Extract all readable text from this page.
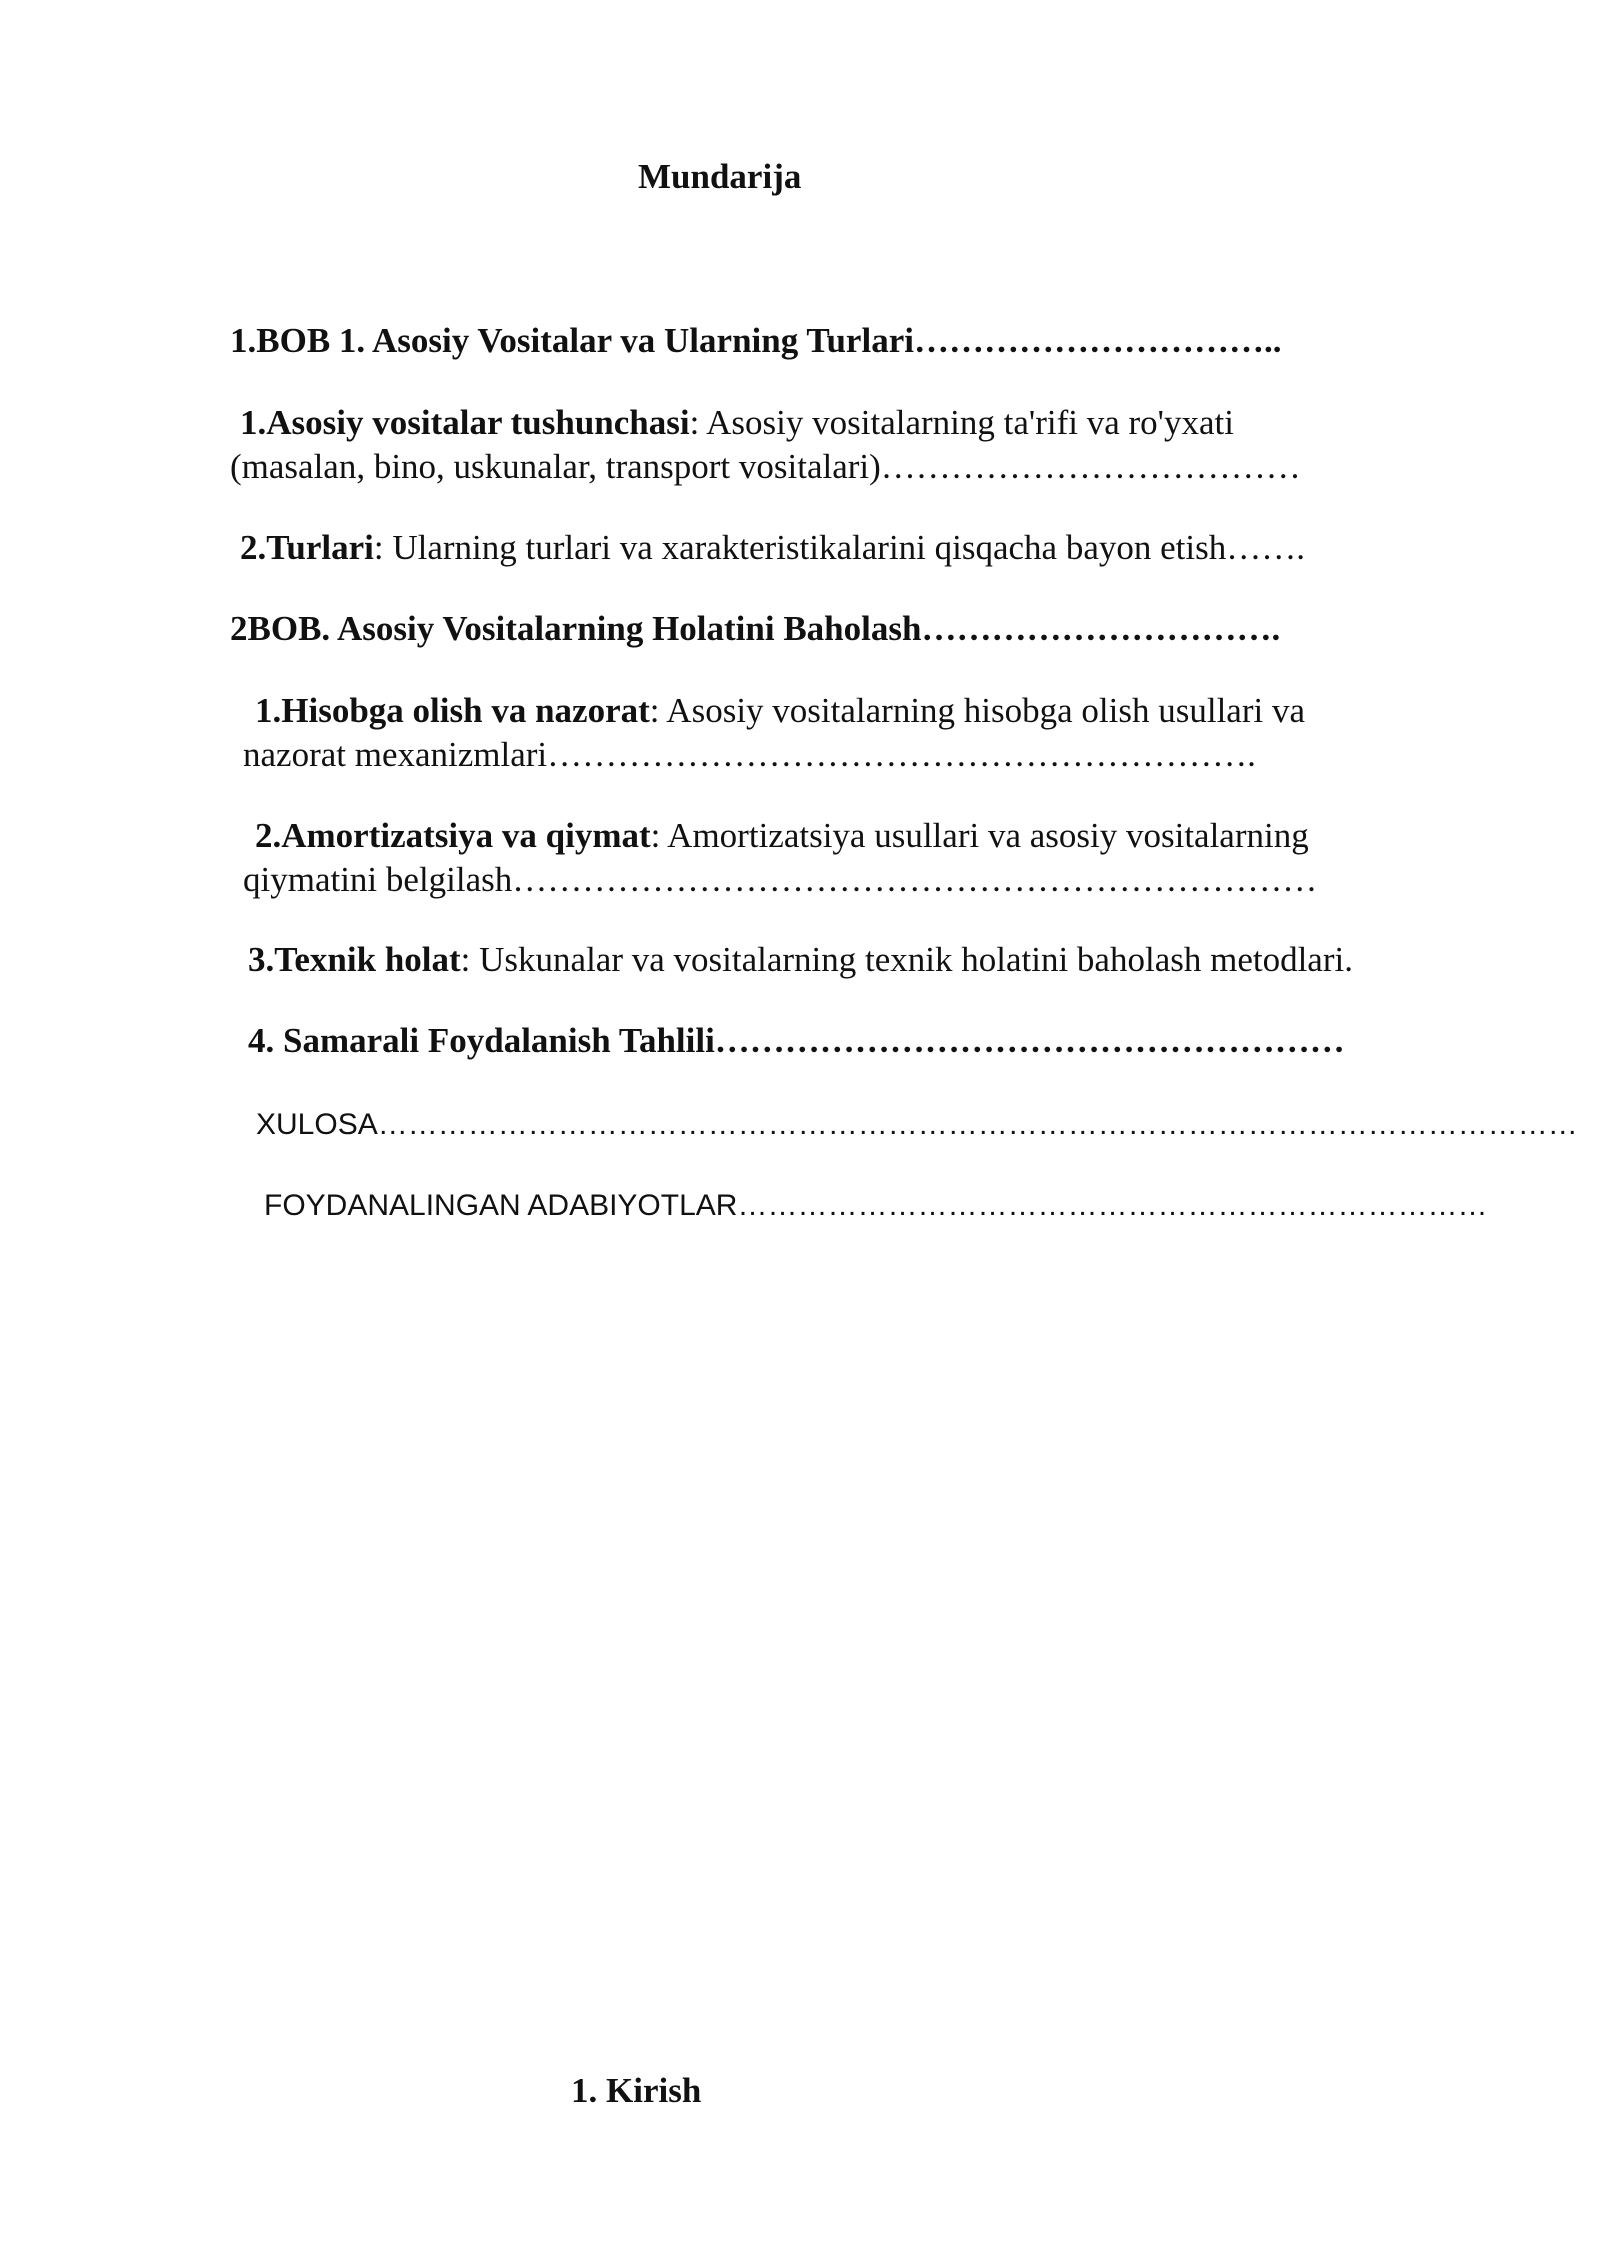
Mundarija
1.BOB 1. Asosiy Vositalar va Ularning Turlari…………………………..
1.Asosiy vositalar tushunchasi: Asosiy vositalarning ta'rifi va ro'yxati
(masalan, bino, uskunalar, transport vositalari)………………………………
2.Turlari: Ularning turlari va xarakteristikalarini qisqacha bayon etish…….
2BOB. Asosiy Vositalarning Holatini Baholash………………………….
1.Hisobga olish va nazorat: Asosiy vositalarning hisobga olish usullari va
nazorat mexanizmlari…………………………………………………….
2.Amortizatsiya va qiymat: Amortizatsiya usullari va asosiy vositalarning
qiymatini belgilash……………………………………………………………
3.Texnik holat: Uskunalar va vositalarning texnik holatini baholash metodlari.
4. Samarali Foydalanish Tahlili………………………………………………
XULOSA…………………………………………………………………………………………………………
FOYDANALINGAN ADABIYOTLAR…………………………………………………………………
1. Kirish
